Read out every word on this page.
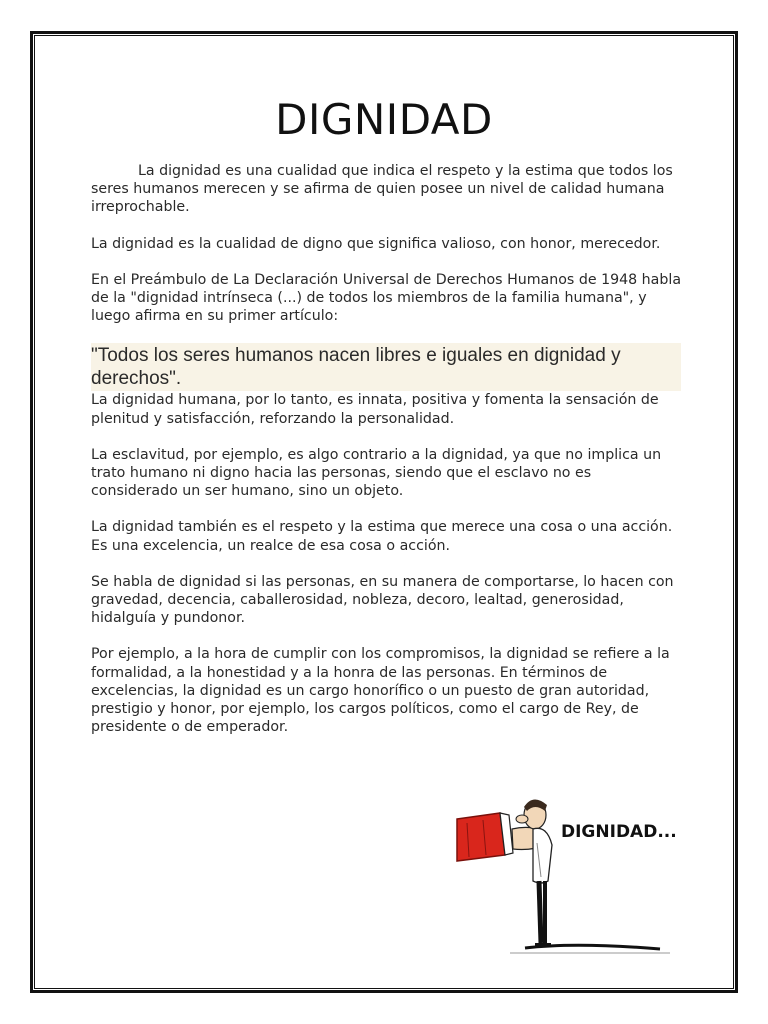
DIGNIDAD

La dignidad es una cualidad que indica el respeto y la estima que todos los seres humanos merecen y se afirma de quien posee un nivel de calidad humana irreprochable.

La dignidad es la cualidad de digno que significa valioso, con honor, merecedor.

En el Preámbulo de La Declaración Universal de Derechos Humanos de 1948 habla de la "dignidad intrínseca (...) de todos los miembros de la familia humana", y luego afirma en su primer artículo:

"Todos los seres humanos nacen libres e iguales en dignidad y derechos".

La dignidad humana, por lo tanto, es innata, positiva y fomenta la sensación de plenitud y satisfacción, reforzando la personalidad.

La esclavitud, por ejemplo, es algo contrario a la dignidad, ya que no implica un trato humano ni digno hacia las personas, siendo que el esclavo no es considerado un ser humano, sino un objeto.

La dignidad también es el respeto y la estima que merece una cosa o una acción. Es una excelencia, un realce de esa cosa o acción.

Se habla de dignidad si las personas, en su manera de comportarse, lo hacen con gravedad, decencia, caballerosidad, nobleza, decoro, lealtad, generosidad, hidalguía y pundonor.

Por ejemplo, a la hora de cumplir con los compromisos, la dignidad se refiere a la formalidad, a la honestidad y a la honra de las personas. En términos de excelencias, la dignidad es un cargo honorífico o un puesto de gran autoridad, prestigio y honor, por ejemplo, los cargos políticos, como el cargo de Rey, de presidente o de emperador.

DIGNIDAD...
